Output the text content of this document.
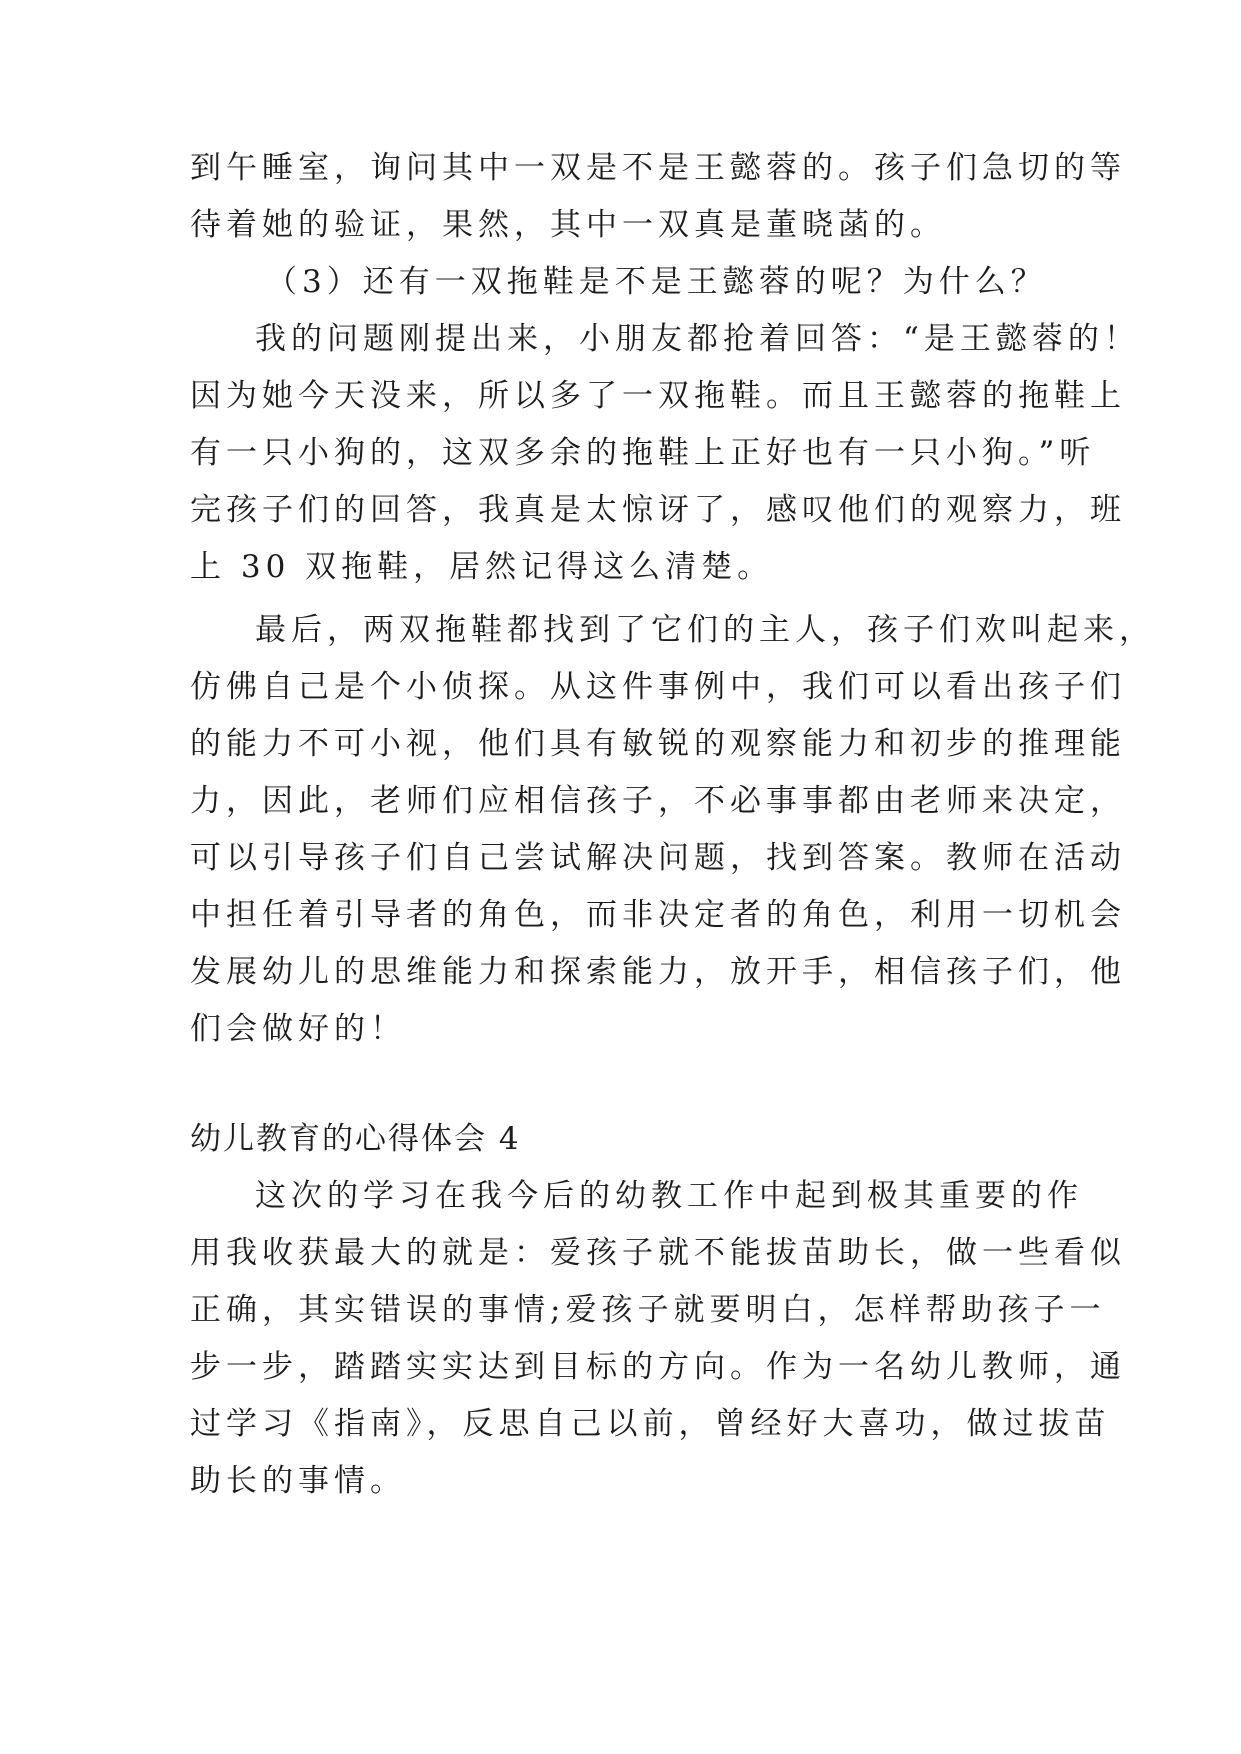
到午睡室，询问其中一双是不是王懿蓉的。孩子们急切的等
待着她的验证，果然，其中一双真是董晓菡的。
（3）还有一双拖鞋是不是王懿蓉的呢？为什么？
我的问题刚提出来，小朋友都抢着回答：“是王懿蓉的！
因为她今天没来，所以多了一双拖鞋。而且王懿蓉的拖鞋上
有一只小狗的，这双多余的拖鞋上正好也有一只小狗。”听
完孩子们的回答，我真是太惊讶了，感叹他们的观察力，班
上 30 双拖鞋，居然记得这么清楚。
最后，两双拖鞋都找到了它们的主人，孩子们欢叫起来，
仿佛自己是个小侦探。从这件事例中，我们可以看出孩子们
的能力不可小视，他们具有敏锐的观察能力和初步的推理能
力，因此，老师们应相信孩子，不必事事都由老师来决定，
可以引导孩子们自己尝试解决问题，找到答案。教师在活动
中担任着引导者的角色，而非决定者的角色，利用一切机会
发展幼儿的思维能力和探索能力，放开手，相信孩子们，他
们会做好的！
幼儿教育的心得体会 4
这次的学习在我今后的幼教工作中起到极其重要的作
用我收获最大的就是：爱孩子就不能拔苗助长，做一些看似
正确，其实错误的事情;爱孩子就要明白，怎样帮助孩子一
步一步，踏踏实实达到目标的方向。作为一名幼儿教师，通
过学习《指南》，反思自己以前，曾经好大喜功，做过拔苗
助长的事情。
